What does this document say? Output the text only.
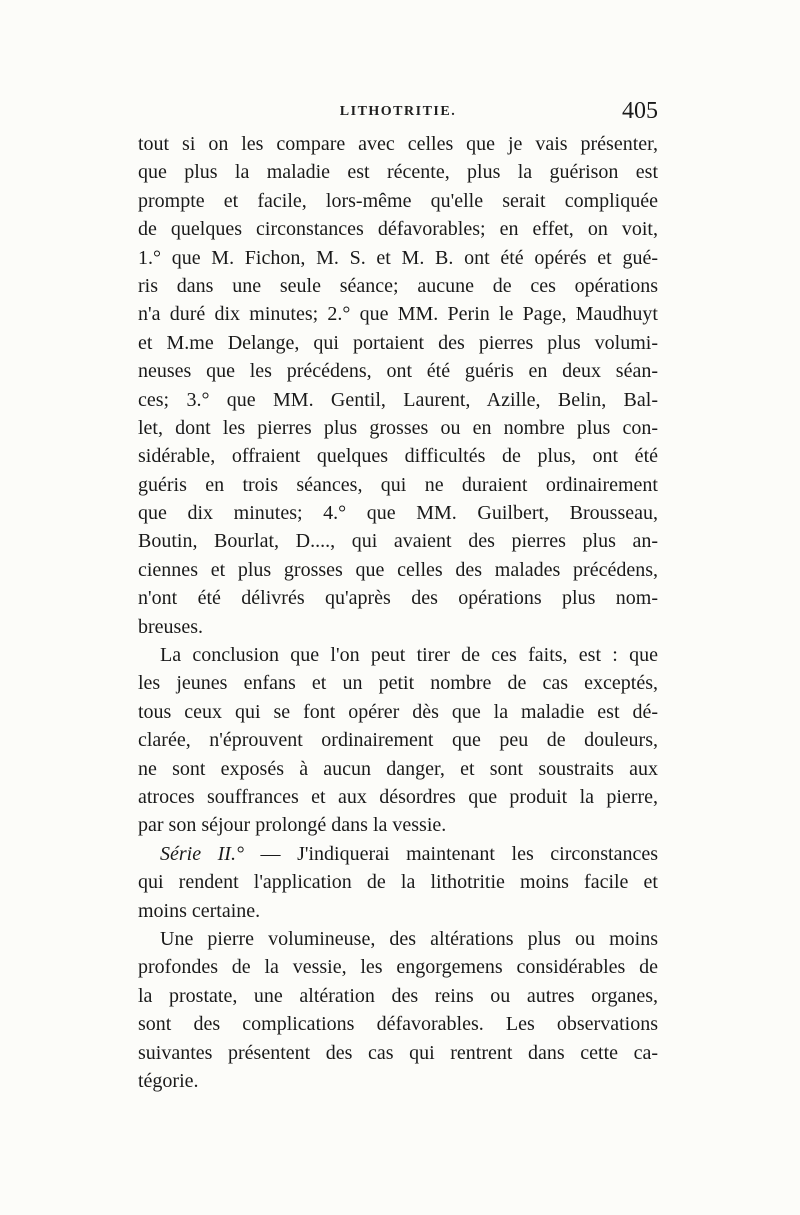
LITHOTRITIE.	405
tout si on les compare avec celles que je vais présenter,
que plus la maladie est récente, plus la guérison est
prompte et facile, lors-même qu'elle serait compliquée
de quelques circonstances défavorables; en effet, on voit,
1.° que M. Fichon, M. S. et M. B. ont été opérés et gué-
ris dans une seule séance; aucune de ces opérations
n'a duré dix minutes; 2.° que MM. Perin le Page, Maudhuyt
et M.me Delange, qui portaient des pierres plus volumi-
neuses que les précédens, ont été guéris en deux séan-
ces; 3.° que MM. Gentil, Laurent, Azille, Belin, Bal-
let, dont les pierres plus grosses ou en nombre plus con-
sidérable, offraient quelques difficultés de plus, ont été
guéris en trois séances, qui ne duraient ordinairement
que dix minutes; 4.° que MM. Guilbert, Brousseau,
Boutin, Bourlat, D...., qui avaient des pierres plus an-
ciennes et plus grosses que celles des malades précédens,
n'ont été délivrés qu'après des opérations plus nom-
breuses.
La conclusion que l'on peut tirer de ces faits, est : que
les jeunes enfans et un petit nombre de cas exceptés,
tous ceux qui se font opérer dès que la maladie est dé-
clarée, n'éprouvent ordinairement que peu de douleurs,
ne sont exposés à aucun danger, et sont soustraits aux
atroces souffrances et aux désordres que produit la pierre,
par son séjour prolongé dans la vessie.
Série II.° — J'indiquerai maintenant les circonstances
qui rendent l'application de la lithotritie moins facile et
moins certaine.
Une pierre volumineuse, des altérations plus ou moins
profondes de la vessie, les engorgemens considérables de
la prostate, une altération des reins ou autres organes,
sont des complications défavorables. Les observations
suivantes présentent des cas qui rentrent dans cette ca-
tégorie.
